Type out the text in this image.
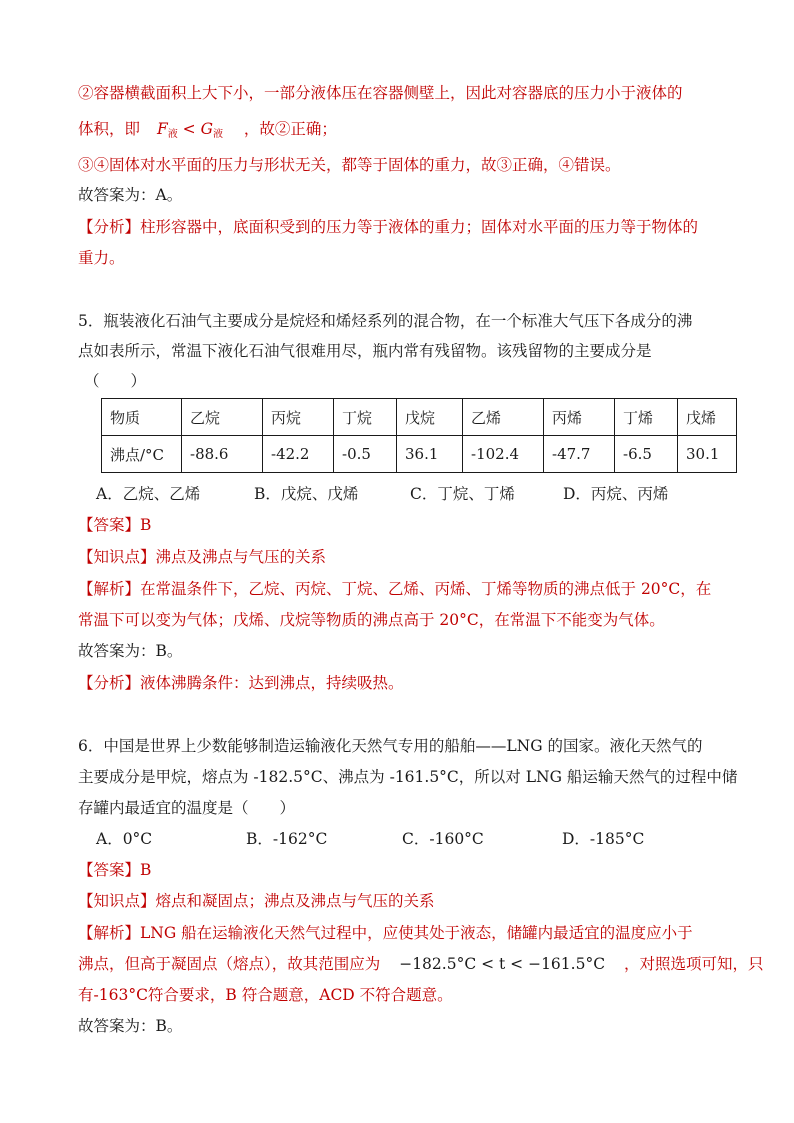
②容器横截面积上大下小，一部分液体压在容器侧壁上，因此对容器底的压力小于液体的
体积，即 $F_液 < G_液$ ，故②正确；
③④固体对水平面的压力与形状无关，都等于固体的重力，故③正确，④错误。
故答案为：A。
【分析】柱形容器中，底面积受到的压力等于液体的重力；固体对水平面的压力等于物体的
重力。
5．瓶装液化石油气主要成分是烷烃和烯烃系列的混合物，在一个标准大气压下各成分的沸
点如表所示，常温下液化石油气很难用尽，瓶内常有残留物。该残留物的主要成分是
（　　）
物质	乙烷	丙烷	丁烷	戊烷	乙烯	丙烯	丁烯	戊烯
沸点/°C	-88.6	-42.2	-0.5	36.1	-102.4	-47.7	-6.5	30.1
A．乙烷、乙烯	B．戊烷、戊烯	C．丁烷、丁烯	D．丙烷、丙烯
【答案】B
【知识点】沸点及沸点与气压的关系
【解析】在常温条件下，乙烷、丙烷、丁烷、乙烯、丙烯、丁烯等物质的沸点低于 20°C，在
常温下可以变为气体；戊烯、戊烷等物质的沸点高于 20°C，在常温下不能变为气体。
故答案为：B。
【分析】液体沸腾条件：达到沸点，持续吸热。
6．中国是世界上少数能够制造运输液化天然气专用的船舶——LNG 的国家。液化天然气的
主要成分是甲烷，熔点为 -182.5°C、沸点为 -161.5°C，所以对 LNG 船运输天然气的过程中储
存罐内最适宜的温度是（　　）
A．0°C	B．-162°C	C．-160°C	D．-185°C
【答案】B
【知识点】熔点和凝固点；沸点及沸点与气压的关系
【解析】LNG 船在运输液化天然气过程中，应使其处于液态，储罐内最适宜的温度应小于
沸点，但高于凝固点（熔点），故其范围应为 −182.5°C < t < −161.5°C ，对照选项可知，只
有-163°C符合要求，B 符合题意，ACD 不符合题意。
故答案为：B。
